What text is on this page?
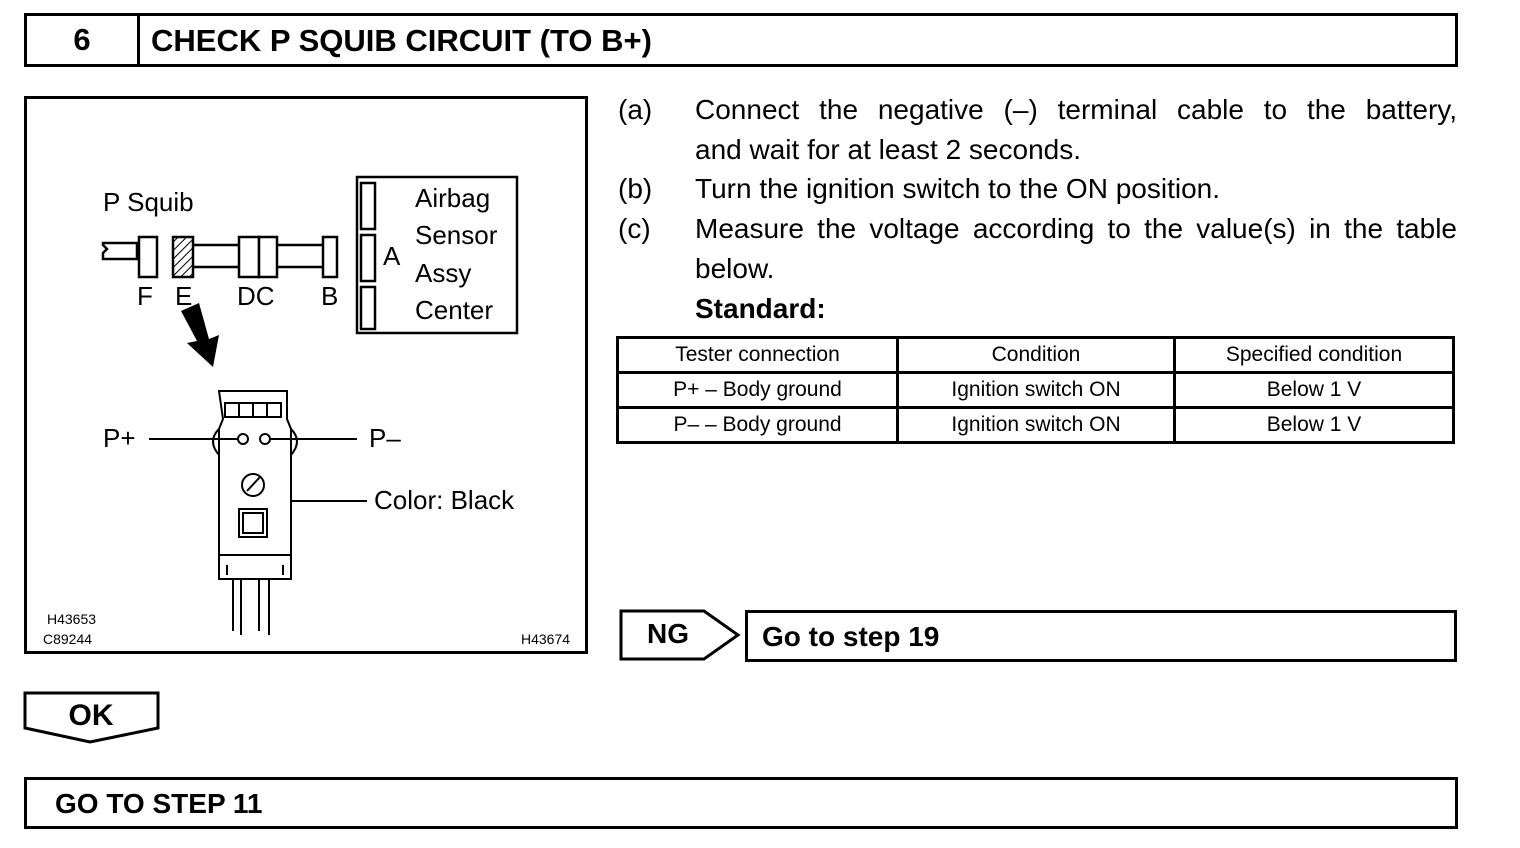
6	CHECK P SQUIB CIRCUIT (TO B+)
P Squib
F E DC B
A
Airbag
Sensor
Assy
Center
P+	P–
Color: Black
H43653
C89244	H43674
(a)	Connect the negative (–) terminal cable to the battery,
and wait for at least 2 seconds.
(b)	Turn the ignition switch to the ON position.
(c)	Measure the voltage according to the value(s) in the table
below.
Standard:
Tester connection	Condition	Specified condition
P+ – Body ground	Ignition switch ON	Below 1 V
P– – Body ground	Ignition switch ON	Below 1 V
NG	Go to step 19
OK
GO TO STEP 11
